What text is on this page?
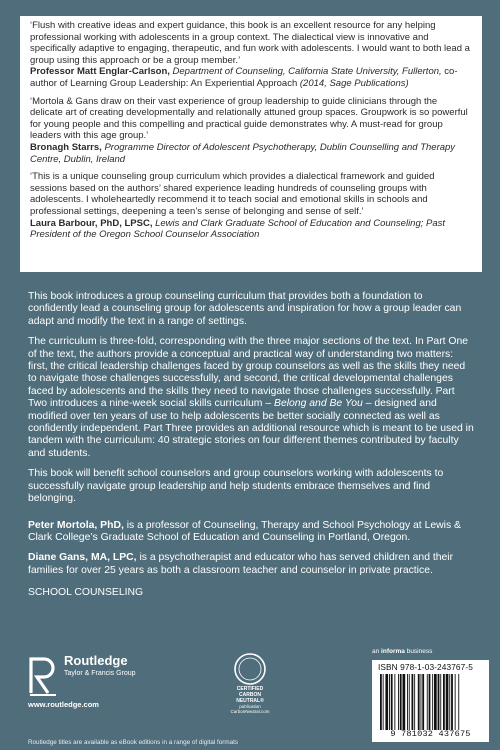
‘Flush with creative ideas and expert guidance, this book is an excellent resource for any helping professional working with adolescents in a group context. The dialectical view is innovative and specifically adaptive to engaging, therapeutic, and fun work with adolescents. I would want to both lead a group using this approach or be a group member.’

Professor Matt Englar-Carlson, Department of Counseling, California State University, Fullerton, co-author of Learning Group Leadership: An Experiential Approach (2014, Sage Publications)

‘Mortola & Gans draw on their vast experience of group leadership to guide clinicians through the delicate art of creating developmentally and relationally attuned group spaces. Groupwork is so powerful for young people and this compelling and practical guide demonstrates why. A must-read for group leaders with this age group.’

Bronagh Starrs, Programme Director of Adolescent Psychotherapy, Dublin Counselling and Therapy Centre, Dublin, Ireland

‘This is a unique counseling group curriculum which provides a dialectical framework and guided sessions based on the authors’ shared experience leading hundreds of counseling groups with adolescents. I wholeheartedly recommend it to teach social and emotional skills in schools and professional settings, deepening a teen’s sense of belonging and sense of self.’

Laura Barbour, PhD, LPSC, Lewis and Clark Graduate School of Education and Counseling; Past President of the Oregon School Counselor Association

This book introduces a group counseling curriculum that provides both a foundation to confidently lead a counseling group for adolescents and inspiration for how a group leader can adapt and modify the text in a range of settings.

The curriculum is three-fold, corresponding with the three major sections of the text. In Part One of the text, the authors provide a conceptual and practical way of understanding two matters: first, the critical leadership challenges faced by group counselors as well as the skills they need to navigate those challenges successfully, and second, the critical developmental challenges faced by adolescents and the skills they need to navigate those challenges successfully. Part Two introduces a nine-week social skills curriculum – Belong and Be You – designed and modified over ten years of use to help adolescents be better socially connected as well as confidently independent. Part Three provides an additional resource which is meant to be used in tandem with the curriculum: 40 strategic stories on four different themes contributed by faculty and students.

This book will benefit school counselors and group counselors working with adolescents to successfully navigate group leadership and help students embrace themselves and find belonging.

Peter Mortola, PhD, is a professor of Counseling, Therapy and School Psychology at Lewis & Clark College’s Graduate School of Education and Counseling in Portland, Oregon.

Diane Gans, MA, LPC, is a psychotherapist and educator who has served children and their families for over 25 years as both a classroom teacher and counselor in private practice.

SCHOOL COUNSELING
Routledge
Taylor & Francis Group
www.routledge.com
CERTIFIED
CARBON NEUTRAL®
publication
CarbonNeutral.com
an informa business
ISBN 978-1-03-243767-5
9 781032 437675
Routledge titles are available as eBook editions in a range of digital formats
